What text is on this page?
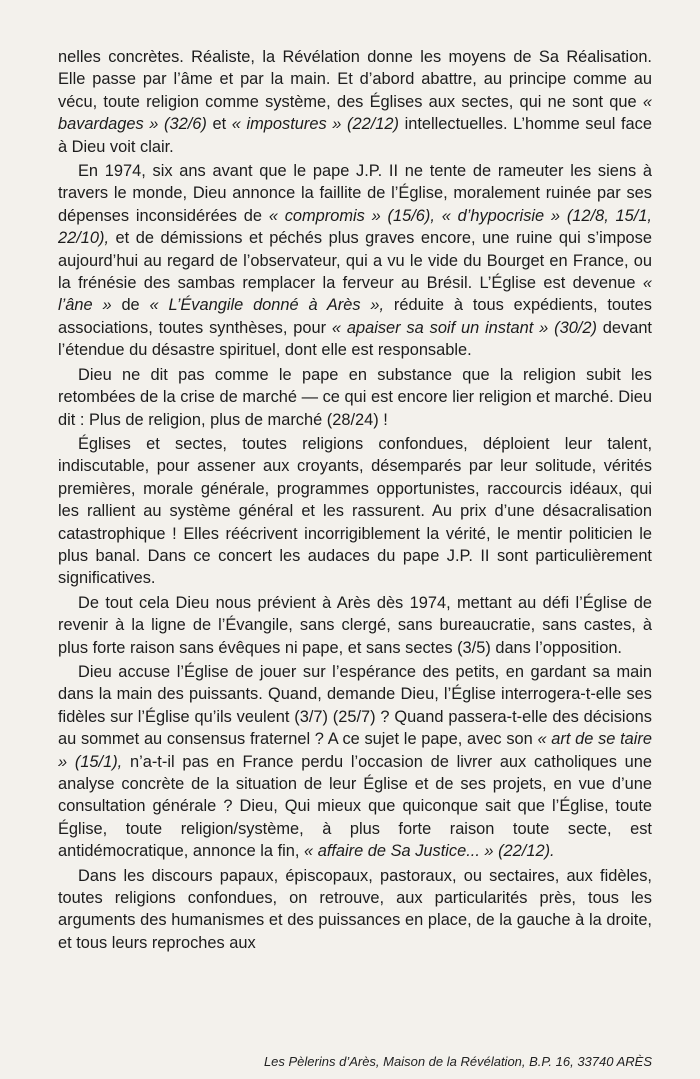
nelles concrètes. Réaliste, la Révélation donne les moyens de Sa Réalisation. Elle passe par l’âme et par la main. Et d’abord abattre, au principe comme au vécu, toute religion comme système, des Églises aux sectes, qui ne sont que « bavardages » (32/6) et « impostures » (22/12) intellectuelles. L’homme seul face à Dieu voit clair.

En 1974, six ans avant que le pape J.P. II ne tente de rameuter les siens à travers le monde, Dieu annonce la faillite de l’Église, moralement ruinée par ses dépenses inconsidérées de « compromis » (15/6), « d’hypocrisie » (12/8, 15/1, 22/10), et de démissions et péchés plus graves encore, une ruine qui s’impose aujourd’hui au regard de l’observateur, qui a vu le vide du Bourget en France, ou la frénésie des sambas remplacer la ferveur au Brésil. L’Église est devenue « l’âne » de « L’Évangile donné à Arès », réduite à tous expédients, toutes associations, toutes synthèses, pour « apaiser sa soif un instant » (30/2) devant l’étendue du désastre spirituel, dont elle est responsable.

Dieu ne dit pas comme le pape en substance que la religion subit les retombées de la crise de marché — ce qui est encore lier religion et marché. Dieu dit : Plus de religion, plus de marché (28/24) !

Églises et sectes, toutes religions confondues, déploient leur talent, indiscutable, pour assener aux croyants, désemparés par leur solitude, vérités premières, morale générale, programmes opportunistes, raccourcis idéaux, qui les rallient au système général et les rassurent. Au prix d’une désacralisation catastrophique ! Elles réécrivent incorrigiblement la vérité, le mentir politicien le plus banal. Dans ce concert les audaces du pape J.P. II sont particulièrement significatives.

De tout cela Dieu nous prévient à Arès dès 1974, mettant au défi l’Église de revenir à la ligne de l’Évangile, sans clergé, sans bureaucratie, sans castes, à plus forte raison sans évêques ni pape, et sans sectes (3/5) dans l’opposition.

Dieu accuse l’Église de jouer sur l’espérance des petits, en gardant sa main dans la main des puissants. Quand, demande Dieu, l’Église interrogera-t-elle ses fidèles sur l’Église qu’ils veulent (3/7) (25/7) ? Quand passera-t-elle des décisions au sommet au consensus fraternel ? A ce sujet le pape, avec son « art de se taire » (15/1), n’a-t-il pas en France perdu l’occasion de livrer aux catholiques une analyse concrète de la situation de leur Église et de ses projets, en vue d’une consultation générale ? Dieu, Qui mieux que quiconque sait que l’Église, toute Église, toute religion/système, à plus forte raison toute secte, est antidémocratique, annonce la fin, « affaire de Sa Justice... » (22/12).

Dans les discours papaux, épiscopaux, pastoraux, ou sectaires, aux fidèles, toutes religions confondues, on retrouve, aux particularités près, tous les arguments des humanismes et des puissances en place, de la gauche à la droite, et tous leurs reproches aux

Les Pèlerins d’Arès, Maison de la Révélation, B.P. 16, 33740 ARÈS
